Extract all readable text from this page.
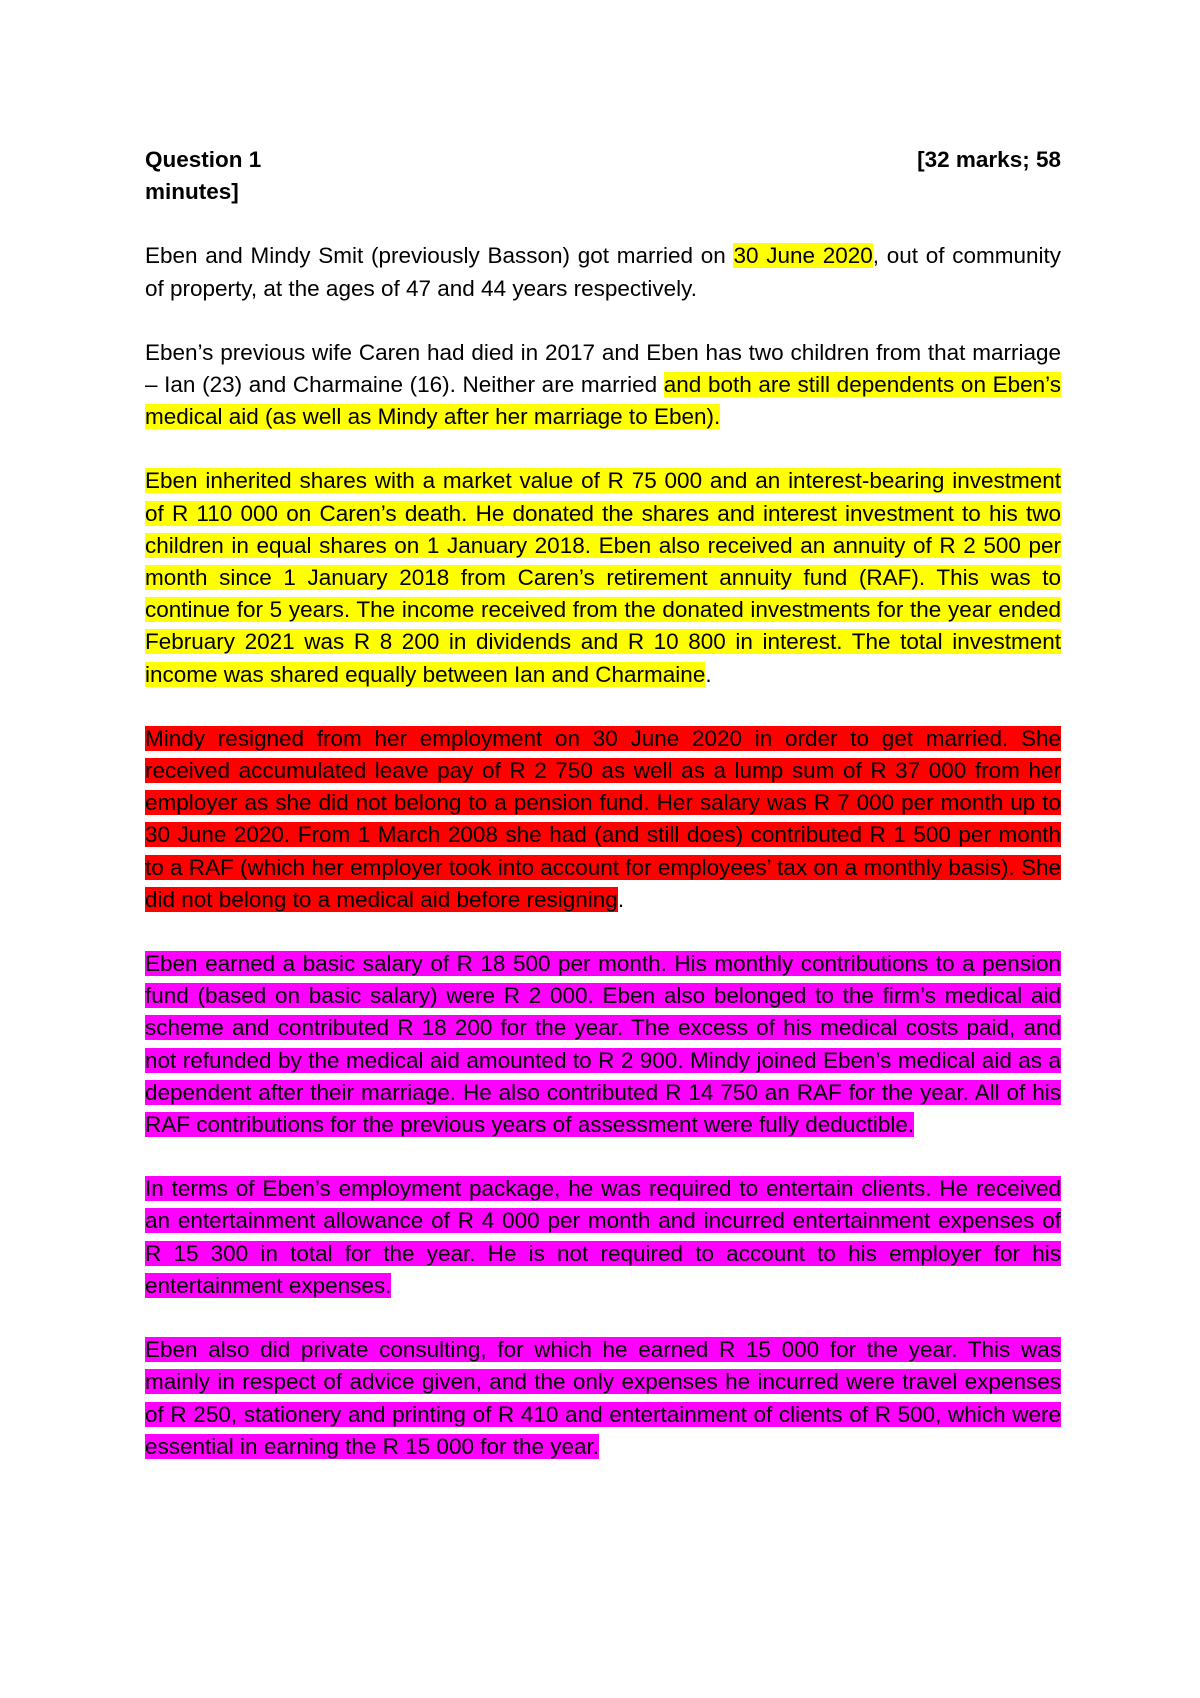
Question 1	[32 marks; 58
minutes]

Eben and Mindy Smit (previously Basson) got married on 30 June 2020, out of community of property, at the ages of 47 and 44 years respectively.

Eben’s previous wife Caren had died in 2017 and Eben has two children from that marriage – Ian (23) and Charmaine (16). Neither are married and both are still dependents on Eben’s medical aid (as well as Mindy after her marriage to Eben).

Eben inherited shares with a market value of R 75 000 and an interest-bearing investment of R 110 000 on Caren’s death. He donated the shares and interest investment to his two children in equal shares on 1 January 2018. Eben also received an annuity of R 2 500 per month since 1 January 2018 from Caren’s retirement annuity fund (RAF). This was to continue for 5 years. The income received from the donated investments for the year ended February 2021 was R 8 200 in dividends and R 10 800 in interest. The total investment income was shared equally between Ian and Charmaine.

Mindy resigned from her employment on 30 June 2020 in order to get married. She received accumulated leave pay of R 2 750 as well as a lump sum of R 37 000 from her employer as she did not belong to a pension fund. Her salary was R 7 000 per month up to 30 June 2020. From 1 March 2008 she had (and still does) contributed R 1 500 per month to a RAF (which her employer took into account for employees’ tax on a monthly basis). She did not belong to a medical aid before resigning.

Eben earned a basic salary of R 18 500 per month. His monthly contributions to a pension fund (based on basic salary) were R 2 000. Eben also belonged to the firm’s medical aid scheme and contributed R 18 200 for the year. The excess of his medical costs paid, and not refunded by the medical aid amounted to R 2 900. Mindy joined Eben’s medical aid as a dependent after their marriage. He also contributed R 14 750 an RAF for the year. All of his RAF contributions for the previous years of assessment were fully deductible.

In terms of Eben’s employment package, he was required to entertain clients. He received an entertainment allowance of R 4 000 per month and incurred entertainment expenses of R 15 300 in total for the year. He is not required to account to his employer for his entertainment expenses.

Eben also did private consulting, for which he earned R 15 000 for the year. This was mainly in respect of advice given, and the only expenses he incurred were travel expenses of R 250, stationery and printing of R 410 and entertainment of clients of R 500, which were essential in earning the R 15 000 for the year.
